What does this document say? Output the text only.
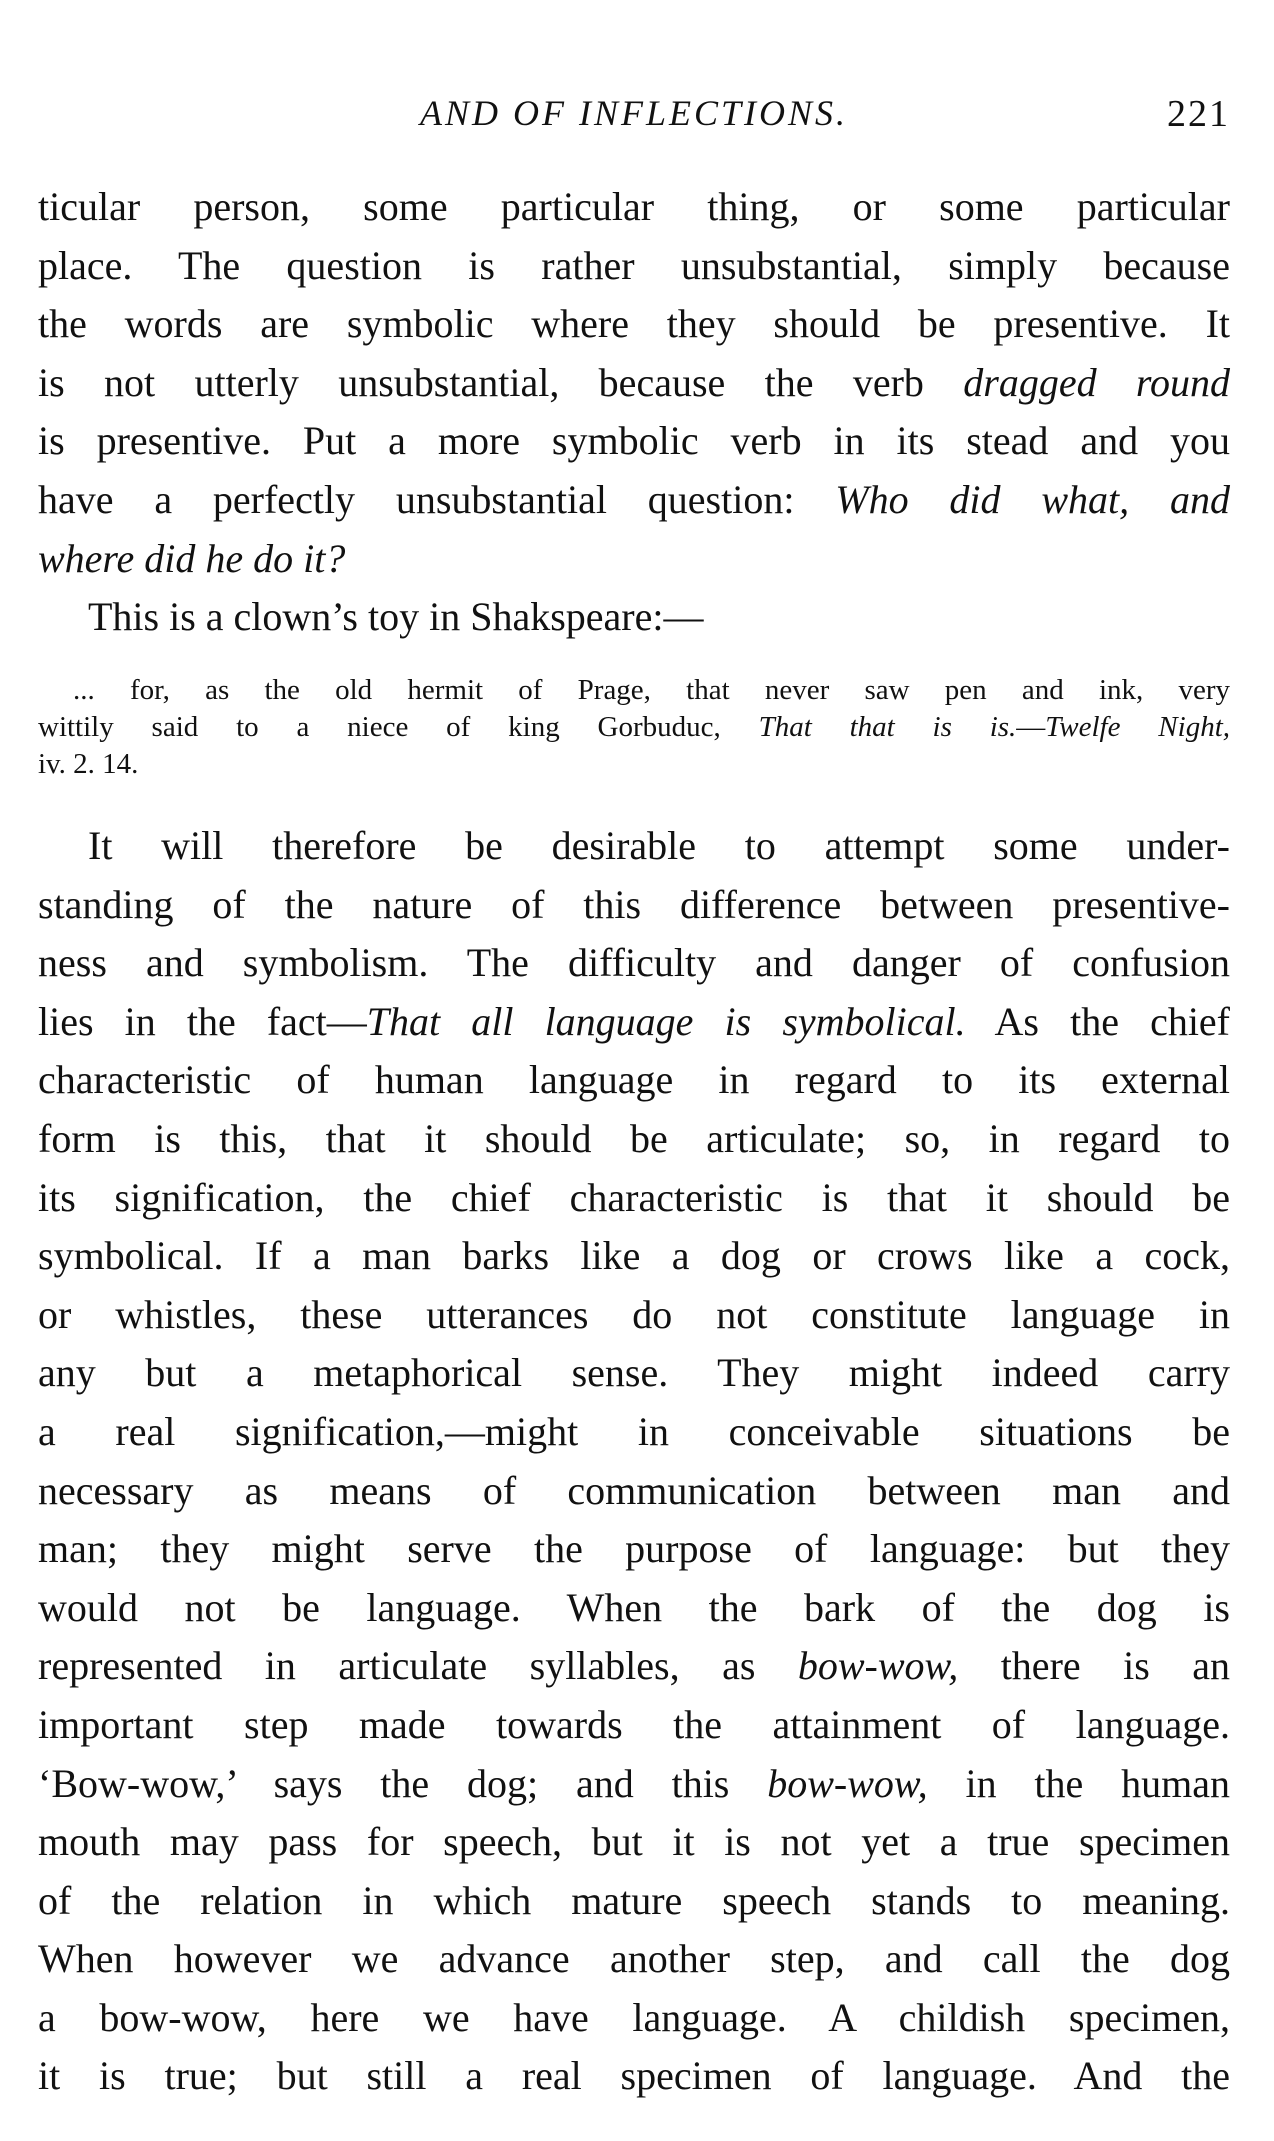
AND OF INFLECTIONS.	221
ticular person, some particular thing, or some particular
place. The question is rather unsubstantial, simply because
the words are symbolic where they should be presentive. It
is not utterly unsubstantial, because the verb dragged round
is presentive. Put a more symbolic verb in its stead and you
have a perfectly unsubstantial question: Who did what, and
where did he do it?
This is a clown’s toy in Shakspeare:—
... for, as the old hermit of Prage, that never saw pen and ink, very
wittily said to a niece of king Gorbuduc, That that is is.—Twelfe Night,
iv. 2. 14.
It will therefore be desirable to attempt some under-
standing of the nature of this difference between presentive-
ness and symbolism. The difficulty and danger of confusion
lies in the fact—That all language is symbolical. As the chief
characteristic of human language in regard to its external
form is this, that it should be articulate; so, in regard to
its signification, the chief characteristic is that it should be
symbolical. If a man barks like a dog or crows like a cock,
or whistles, these utterances do not constitute language in
any but a metaphorical sense. They might indeed carry
a real signification,—might in conceivable situations be
necessary as means of communication between man and
man; they might serve the purpose of language: but they
would not be language. When the bark of the dog is
represented in articulate syllables, as bow-wow, there is an
important step made towards the attainment of language.
‘Bow-wow,’ says the dog; and this bow-wow, in the human
mouth may pass for speech, but it is not yet a true specimen
of the relation in which mature speech stands to meaning.
When however we advance another step, and call the dog
a bow-wow, here we have language. A childish specimen,
it is true; but still a real specimen of language. And the
